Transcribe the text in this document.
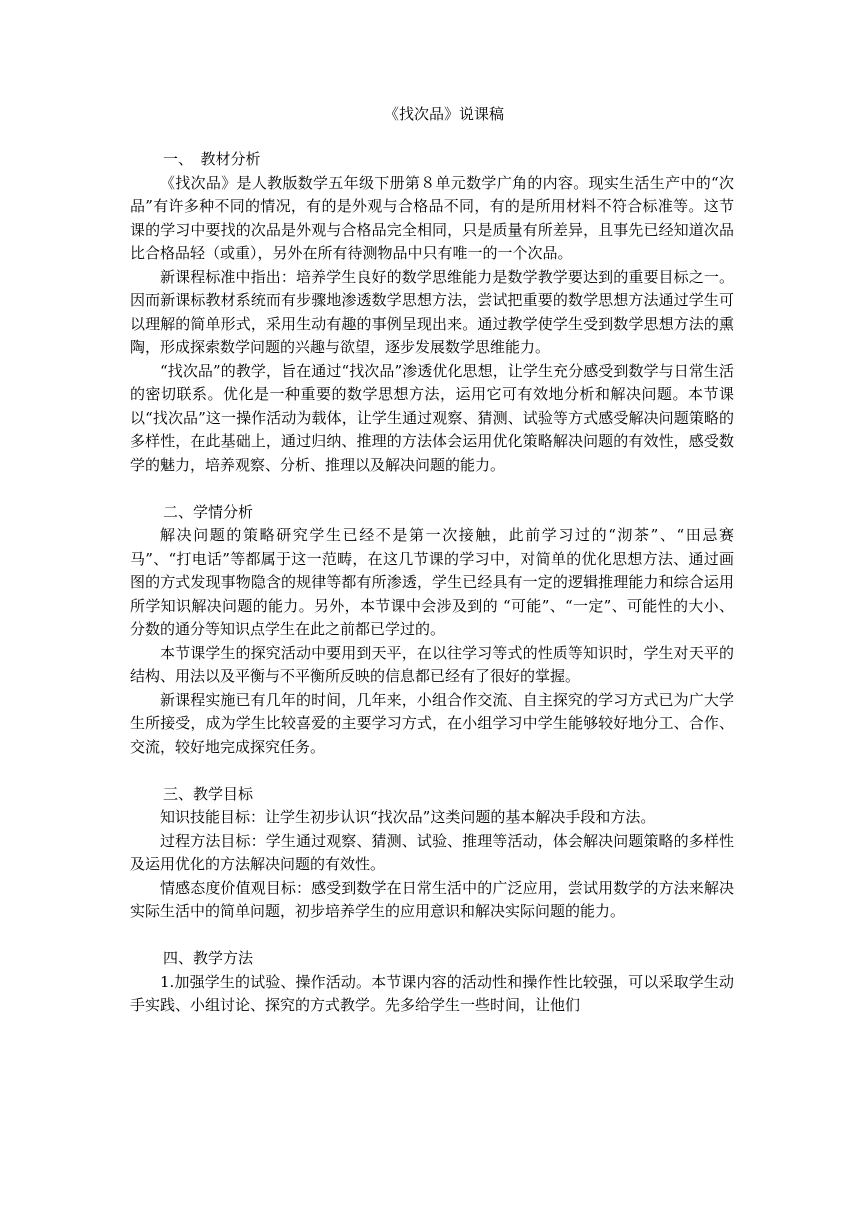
《找次品》说课稿
一、　教材分析

《找次品》是人教版数学五年级下册第８单元数学广角的内容。现实生活生产中的“次品”有许多种不同的情况，有的是外观与合格品不同，有的是所用材料不符合标准等。这节课的学习中要找的次品是外观与合格品完全相同，只是质量有所差异，且事先已经知道次品比合格品轻（或重），另外在所有待测物品中只有唯一的一个次品。

新课程标准中指出：培养学生良好的数学思维能力是数学教学要达到的重要目标之一。因而新课标教材系统而有步骤地渗透数学思想方法，尝试把重要的数学思想方法通过学生可以理解的简单形式，采用生动有趣的事例呈现出来。通过教学使学生受到数学思想方法的熏陶，形成探索数学问题的兴趣与欲望，逐步发展数学思维能力。

“找次品”的教学，旨在通过“找次品”渗透优化思想，让学生充分感受到数学与日常生活的密切联系。优化是一种重要的数学思想方法，运用它可有效地分析和解决问题。本节课以“找次品”这一操作活动为载体，让学生通过观察、猜测、试验等方式感受解决问题策略的多样性，在此基础上，通过归纳、推理的方法体会运用优化策略解决问题的有效性，感受数学的魅力，培养观察、分析、推理以及解决问题的能力。

二、学情分析

解决问题的策略研究学生已经不是第一次接触，此前学习过的“沏茶”、“田忌赛马”、“打电话”等都属于这一范畴，在这几节课的学习中，对简单的优化思想方法、通过画图的方式发现事物隐含的规律等都有所渗透，学生已经具有一定的逻辑推理能力和综合运用所学知识解决问题的能力。另外，本节课中会涉及到的 “可能”、“一定”、可能性的大小、分数的通分等知识点学生在此之前都已学过的。

本节课学生的探究活动中要用到天平，在以往学习等式的性质等知识时，学生对天平的结构、用法以及平衡与不平衡所反映的信息都已经有了很好的掌握。

新课程实施已有几年的时间，几年来，小组合作交流、自主探究的学习方式已为广大学生所接受，成为学生比较喜爱的主要学习方式，在小组学习中学生能够较好地分工、合作、交流，较好地完成探究任务。

三、教学目标

知识技能目标：让学生初步认识“找次品”这类问题的基本解决手段和方法。

过程方法目标：学生通过观察、猜测、试验、推理等活动，体会解决问题策略的多样性及运用优化的方法解决问题的有效性。

情感态度价值观目标：感受到数学在日常生活中的广泛应用，尝试用数学的方法来解决实际生活中的简单问题，初步培养学生的应用意识和解决实际问题的能力。

四、教学方法

1.加强学生的试验、操作活动。本节课内容的活动性和操作性比较强，可以采取学生动手实践、小组讨论、探究的方式教学。先多给学生一些时间，让他们
